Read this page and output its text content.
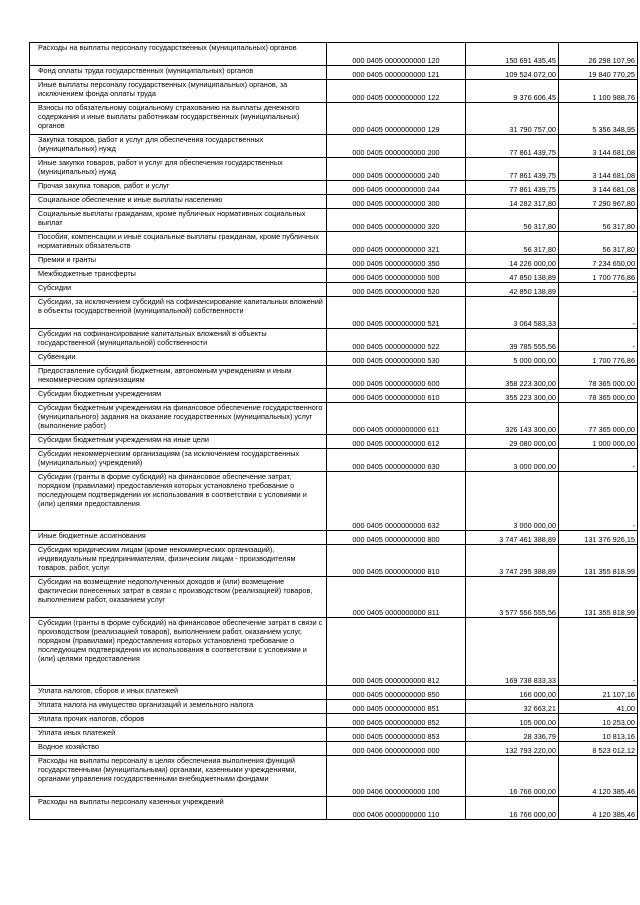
Расходы на выплаты персоналу государственных (муниципальных) органов	000 0405 0000000000 120	150 691 435,45	26 298 107,96

Фонд оплаты труда государственных (муниципальных) органов	000 0405 0000000000 121	109 524 072,00	19 840 770,25

Иные выплаты персоналу государственных (муниципальных) органов, за исключением фонда оплаты труда	000 0405 0000000000 122	9 376 606,45	1 100 988,76

Взносы по обязательному социальному страхованию на выплаты денежного содержания и иные выплаты работникам государственных (муниципальных) органов	000 0405 0000000000 129	31 790 757,00	5 356 348,95

Закупка товаров, работ и услуг для обеспечения государственных (муниципальных) нужд	000 0405 0000000000 200	77 861 439,75	3 144 681,08

Иные закупки товаров, работ и услуг для обеспечения государственных (муниципальных) нужд	000 0405 0000000000 240	77 861 439,75	3 144 681,08

Прочая закупка товаров, работ и услуг	000 0405 0000000000 244	77 861 439,75	3 144 681,08

Социальное обеспечение и иные выплаты населению	000 0405 0000000000 300	14 282 317,80	7 290 967,80

Социальные выплаты гражданам, кроме публичных нормативных социальных выплат	000 0405 0000000000 320	56 317,80	56 317,80

Пособия, компенсации и иные социальные выплаты гражданам, кроме публичных нормативных обязательств	000 0405 0000000000 321	56 317,80	56 317,80

Премии и гранты	000 0405 0000000000 350	14 226 000,00	7 234 650,00

Межбюджетные трансферты	000 0405 0000000000 500	47 850 138,89	1 700 776,86

Субсидии	000 0405 0000000000 520	42 850 138,89	-

Субсидии, за исключением субсидий на софинансирование капитальных вложений в объекты государственной (муниципальной) собственности	000 0405 0000000000 521	3 064 583,33	-

Субсидии на софинансирование капитальных вложений в объекты государственной (муниципальной) собственности	000 0405 0000000000 522	39 785 555,56	-

Субвенции	000 0405 0000000000 530	5 000 000,00	1 700 776,86

Предоставление субсидий бюджетным, автономным учреждениям и иным некоммерческим организациям	000 0405 0000000000 600	358 223 300,00	78 365 000,00

Субсидии бюджетным учреждениям	000 0405 0000000000 610	355 223 300,00	78 365 000,00

Субсидии бюджетным учреждениям на финансовое обеспечение государственного (муниципального) задания на оказание государственных (муниципальных) услуг (выполнение работ)	000 0405 0000000000 611	326 143 300,00	77 365 000,00

Субсидии бюджетным учреждениям на иные цели	000 0405 0000000000 612	29 080 000,00	1 000 000,00

Субсидии некоммерческим организациям (за исключением государственных (муниципальных) учреждений)	000 0405 0000000000 630	3 000 000,00	-

Субсидии (гранты в форме субсидий) на финансовое обеспечение затрат, порядком (правилами) предоставления которых установлено требование о последующем подтверждении их использования в соответствии с условиями и (или) целями предоставления	000 0405 0000000000 632	3 000 000,00	-

Иные бюджетные ассигнования	000 0405 0000000000 800	3 747 461 388,89	131 376 926,15

Субсидии юридическим лицам (кроме некоммерческих организаций), индивидуальным предпринимателям, физическим лицам - производителям товаров, работ, услуг	000 0405 0000000000 810	3 747 295 388,89	131 355 818,99

Субсидии на возмещение недополученных доходов и (или) возмещение фактически понесенных затрат в связи с производством (реализацией) товаров, выполнением работ, оказанием услуг	000 0405 0000000000 811	3 577 556 555,56	131 355 818,99

Субсидии (гранты в форме субсидий) на финансовое обеспечение затрат в связи с производством (реализацией товаров), выполнением работ, оказанием услуг, порядком (правилами) предоставления которых установлено требование о последующем подтверждении их использования в соответствии с условиями и (или) целями предоставления	000 0405 0000000000 812	169 738 833,33	-

Уплата налогов, сборов и иных платежей	000 0405 0000000000 850	166 000,00	21 107,16

Уплата налога на имущество организаций и земельного налога	000 0405 0000000000 851	32 663,21	41,00

Уплата прочих налогов, сборов	000 0405 0000000000 852	105 000,00	10 253,00

Уплата иных платежей	000 0405 0000000000 853	28 336,79	10 813,16

Водное хозяйство	000 0406 0000000000 000	132 793 220,00	8 523 012,12

Расходы на выплаты персоналу в целях обеспечения выполнения функций государственными (муниципальными) органами, казенными учреждениями, органами управления государственными внебюджетными фондами	000 0406 0000000000 100	16 766 000,00	4 120 385,46

Расходы на выплаты персоналу казенных учреждений	000 0406 0000000000 110	16 766 000,00	4 120 385,46
